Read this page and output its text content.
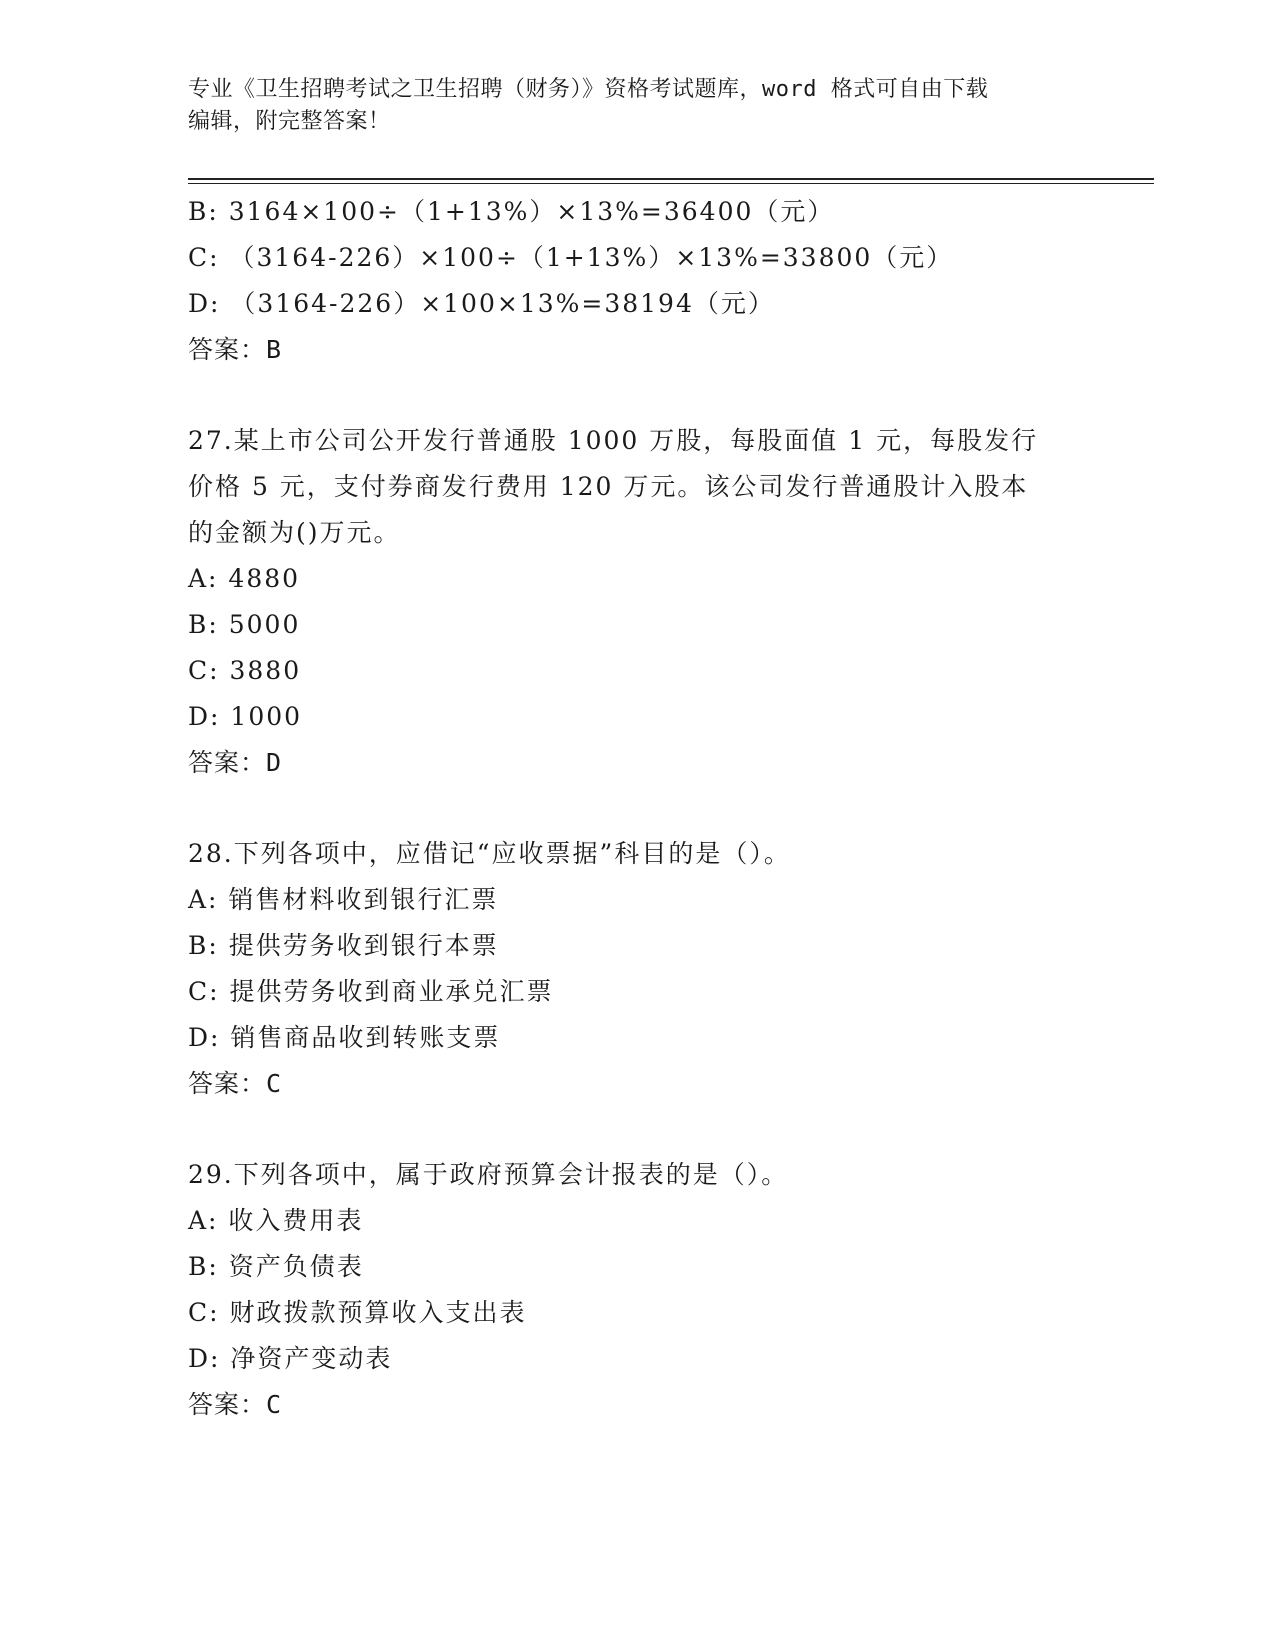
专业《卫生招聘考试之卫生招聘（财务）》资格考试题库，word 格式可自由下载
编辑，附完整答案！
B: 3164×100÷（1+13%）×13%=36400（元）
C: （3164-226）×100÷（1+13%）×13%=33800（元）
D: （3164-226）×100×13%=38194（元）
答案：B
27.某上市公司公开发行普通股 1000 万股，每股面值 1 元，每股发行
价格 5 元，支付券商发行费用 120 万元。该公司发行普通股计入股本
的金额为()万元。
A: 4880
B: 5000
C: 3880
D: 1000
答案：D
28.下列各项中，应借记“应收票据”科目的是（）。
A: 销售材料收到银行汇票
B: 提供劳务收到银行本票
C: 提供劳务收到商业承兑汇票
D: 销售商品收到转账支票
答案：C
29.下列各项中，属于政府预算会计报表的是（）。
A: 收入费用表
B: 资产负债表
C: 财政拨款预算收入支出表
D: 净资产变动表
答案：C
